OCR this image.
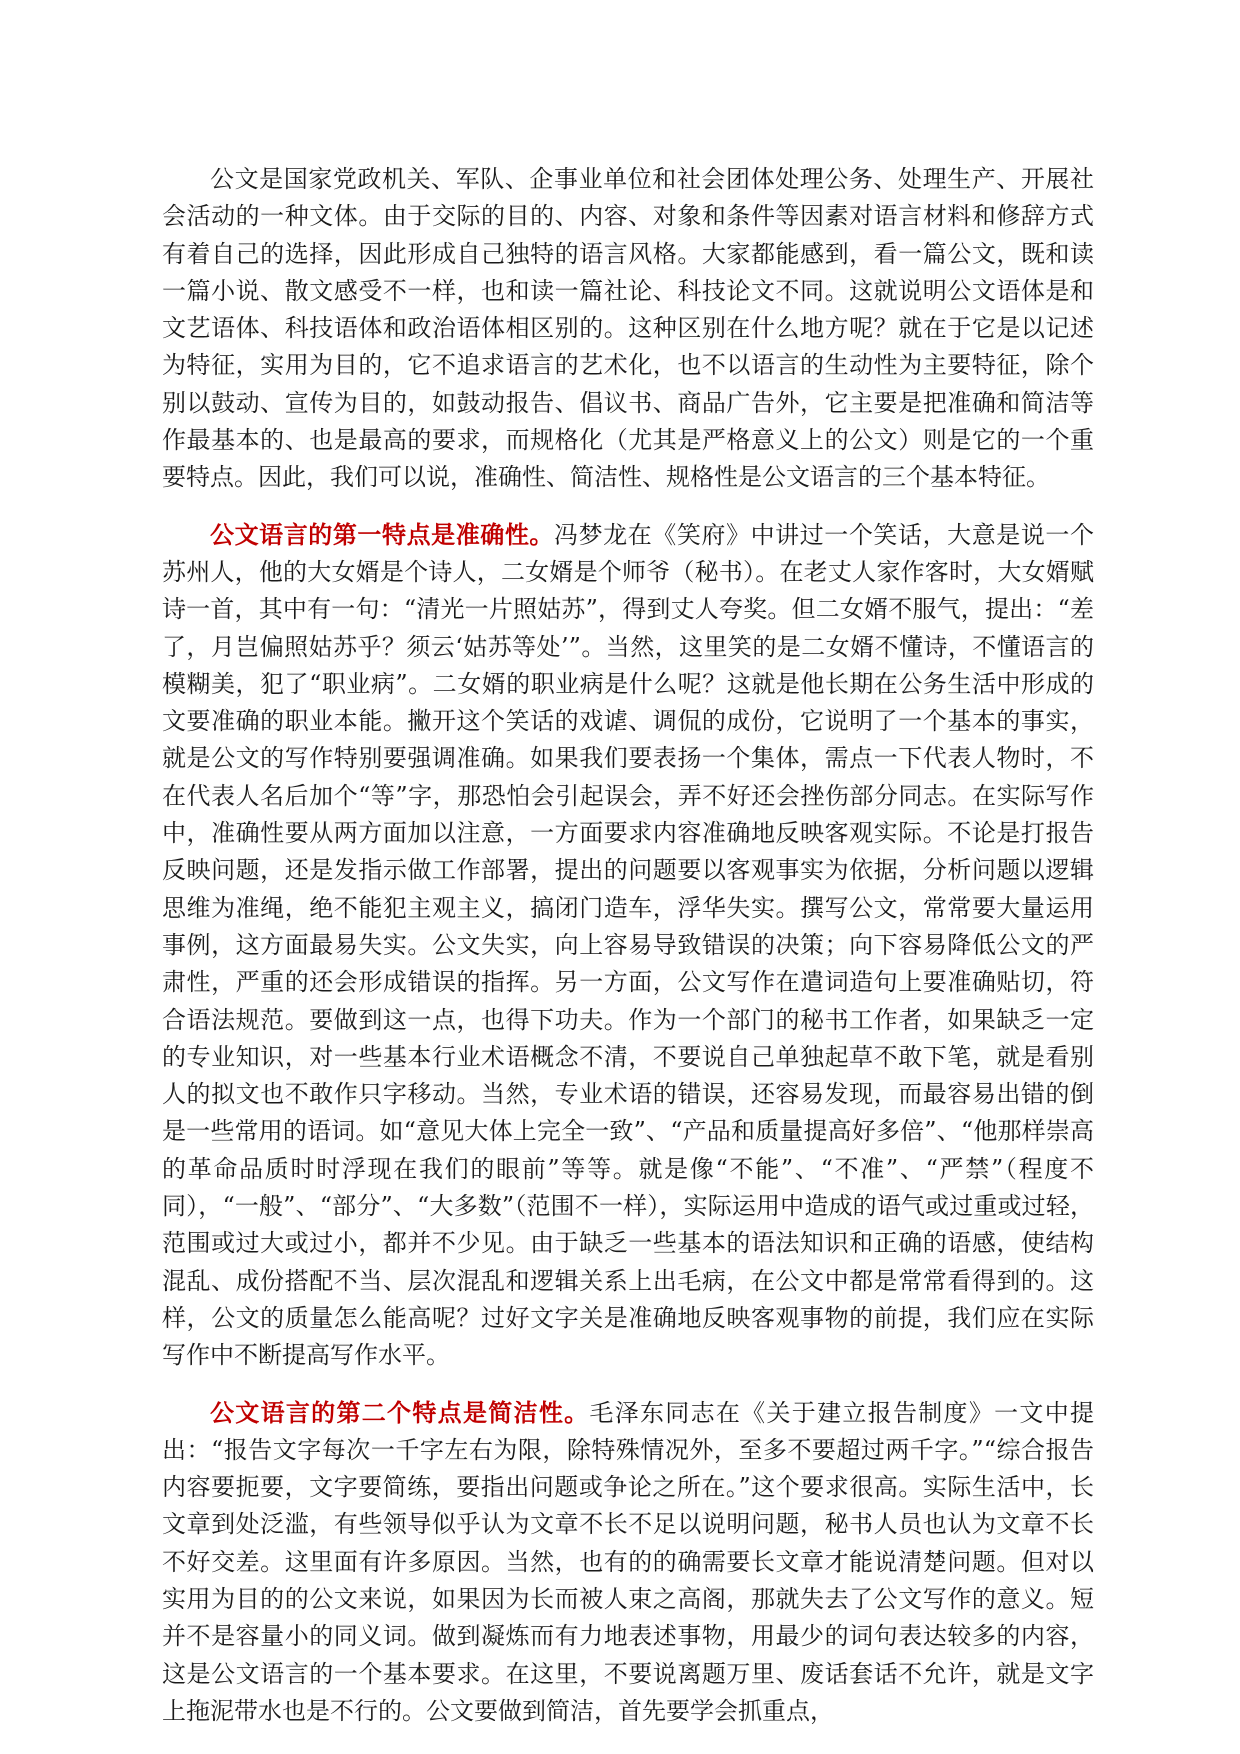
公文是国家党政机关、军队、企事业单位和社会团体处理公务、处理生产、开展社会活动的一种文体。由于交际的目的、内容、对象和条件等因素对语言材料和修辞方式有着自己的选择，因此形成自己独特的语言风格。大家都能感到，看一篇公文，既和读一篇小说、散文感受不一样，也和读一篇社论、科技论文不同。这就说明公文语体是和文艺语体、科技语体和政治语体相区别的。这种区别在什么地方呢？就在于它是以记述为特征，实用为目的，它不追求语言的艺术化，也不以语言的生动性为主要特征，除个别以鼓动、宣传为目的，如鼓动报告、倡议书、商品广告外，它主要是把准确和简洁等作最基本的、也是最高的要求，而规格化（尤其是严格意义上的公文）则是它的一个重要特点。因此，我们可以说，准确性、简洁性、规格性是公文语言的三个基本特征。

公文语言的第一特点是准确性。冯梦龙在《笑府》中讲过一个笑话，大意是说一个苏州人，他的大女婿是个诗人，二女婿是个师爷（秘书）。在老丈人家作客时，大女婿赋诗一首，其中有一句：“清光一片照姑苏”，得到丈人夸奖。但二女婿不服气，提出：“差了，月岂偏照姑苏乎？须云‘姑苏等处’”。当然，这里笑的是二女婿不懂诗，不懂语言的模糊美，犯了“职业病”。二女婿的职业病是什么呢？这就是他长期在公务生活中形成的文要准确的职业本能。撇开这个笑话的戏谑、调侃的成份，它说明了一个基本的事实，就是公文的写作特别要强调准确。如果我们要表扬一个集体，需点一下代表人物时，不在代表人名后加个“等”字，那恐怕会引起误会，弄不好还会挫伤部分同志。在实际写作中，准确性要从两方面加以注意，一方面要求内容准确地反映客观实际。不论是打报告反映问题，还是发指示做工作部署，提出的问题要以客观事实为依据，分析问题以逻辑思维为准绳，绝不能犯主观主义，搞闭门造车，浮华失实。撰写公文，常常要大量运用事例，这方面最易失实。公文失实，向上容易导致错误的决策；向下容易降低公文的严肃性，严重的还会形成错误的指挥。另一方面，公文写作在遣词造句上要准确贴切，符合语法规范。要做到这一点，也得下功夫。作为一个部门的秘书工作者，如果缺乏一定的专业知识，对一些基本行业术语概念不清，不要说自己单独起草不敢下笔，就是看别人的拟文也不敢作只字移动。当然，专业术语的错误，还容易发现，而最容易出错的倒是一些常用的语词。如“意见大体上完全一致”、“产品和质量提高好多倍”、“他那样崇高的革命品质时时浮现在我们的眼前”等等。就是像“不能”、“不准”、“严禁”（程度不同），“一般”、“部分”、“大多数”（范围不一样），实际运用中造成的语气或过重或过轻，范围或过大或过小，都并不少见。由于缺乏一些基本的语法知识和正确的语感，使结构混乱、成份搭配不当、层次混乱和逻辑关系上出毛病，在公文中都是常常看得到的。这样，公文的质量怎么能高呢？过好文字关是准确地反映客观事物的前提，我们应在实际写作中不断提高写作水平。

公文语言的第二个特点是简洁性。毛泽东同志在《关于建立报告制度》一文中提出：“报告文字每次一千字左右为限，除特殊情况外，至多不要超过两千字。”“综合报告内容要扼要，文字要简练，要指出问题或争论之所在。”这个要求很高。实际生活中，长文章到处泛滥，有些领导似乎认为文章不长不足以说明问题，秘书人员也认为文章不长不好交差。这里面有许多原因。当然，也有的的确需要长文章才能说清楚问题。但对以实用为目的的公文来说，如果因为长而被人束之高阁，那就失去了公文写作的意义。短并不是容量小的同义词。做到凝炼而有力地表述事物，用最少的词句表达较多的内容，这是公文语言的一个基本要求。在这里，不要说离题万里、废话套话不允许，就是文字上拖泥带水也是不行的。公文要做到简洁，首先要学会抓重点，
